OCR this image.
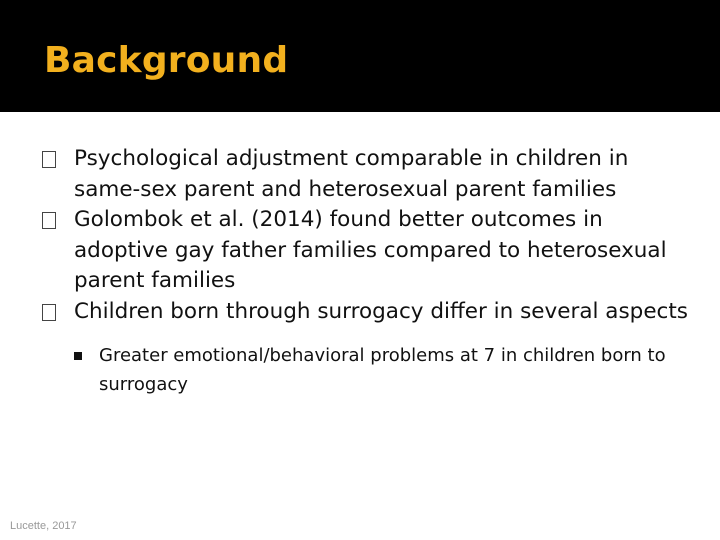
Background
Psychological adjustment comparable in children in same-sex parent and heterosexual parent families
Golombok et al. (2014) found better outcomes in adoptive gay father families compared to heterosexual parent families
Children born through surrogacy differ in several aspects
Greater emotional/behavioral problems at 7 in children born to surrogacy
Lucette, 2017
